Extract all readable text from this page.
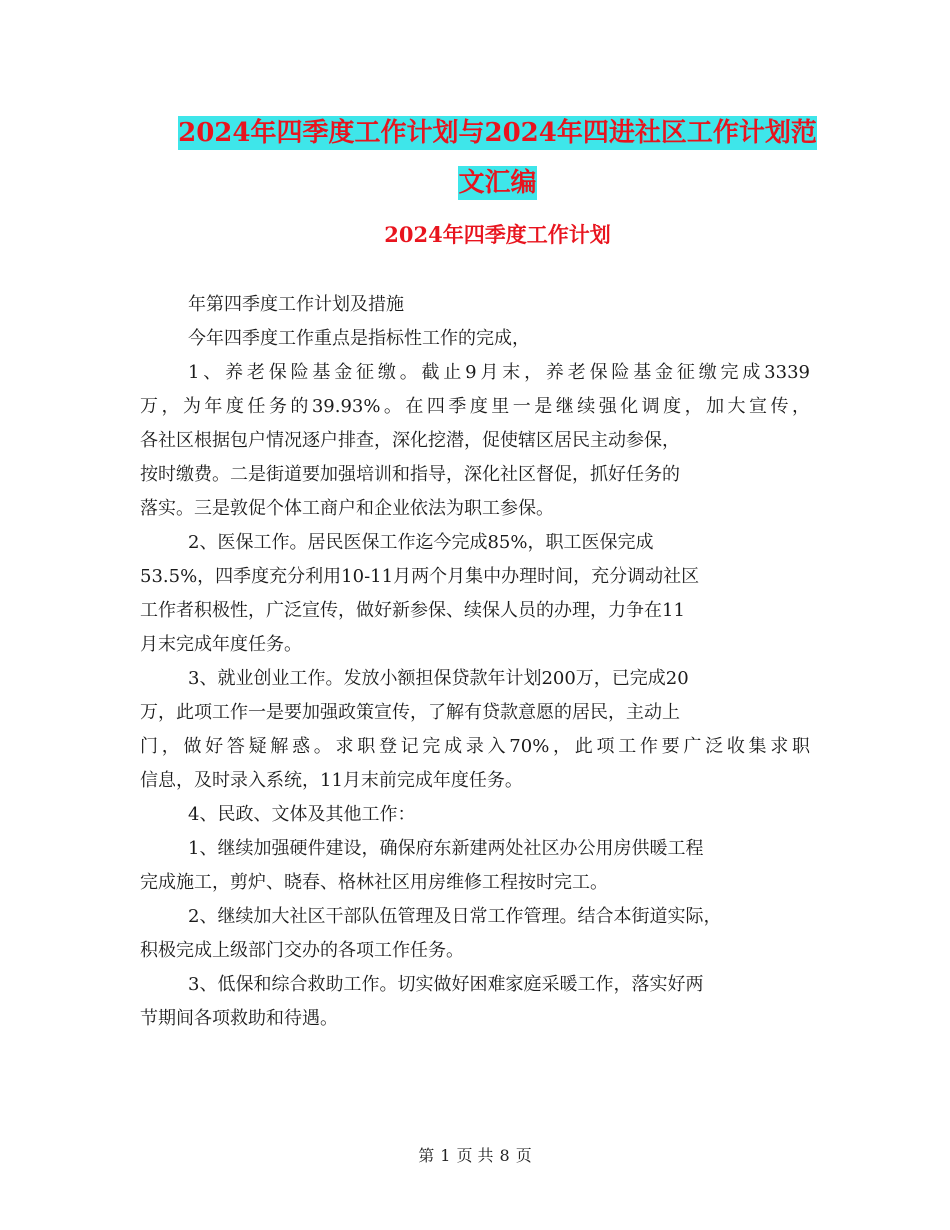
2024年四季度工作计划与2024年四进社区工作计划范
文汇编
2024年四季度工作计划
年第四季度工作计划及措施
今年四季度工作重点是指标性工作的完成，
1、养老保险基金征缴。截止9月末，养老保险基金征缴完成3339
万，为年度任务的39.93%。在四季度里一是继续强化调度，加大宣传，
各社区根据包户情况逐户排查，深化挖潜，促使辖区居民主动参保，
按时缴费。二是街道要加强培训和指导，深化社区督促，抓好任务的
落实。三是敦促个体工商户和企业依法为职工参保。
2、医保工作。居民医保工作迄今完成85%，职工医保完成
53.5%，四季度充分利用10-11月两个月集中办理时间，充分调动社区
工作者积极性，广泛宣传，做好新参保、续保人员的办理，力争在11
月末完成年度任务。
3、就业创业工作。发放小额担保贷款年计划200万，已完成20
万，此项工作一是要加强政策宣传，了解有贷款意愿的居民，主动上
门，做好答疑解惑。求职登记完成录入70%，此项工作要广泛收集求职
信息，及时录入系统，11月末前完成年度任务。
4、民政、文体及其他工作：
1、继续加强硬件建设，确保府东新建两处社区办公用房供暖工程
完成施工，剪炉、晓春、格林社区用房维修工程按时完工。
2、继续加大社区干部队伍管理及日常工作管理。结合本街道实际，
积极完成上级部门交办的各项工作任务。
3、低保和综合救助工作。切实做好困难家庭采暖工作，落实好两
节期间各项救助和待遇。
第 1 页 共 8 页
